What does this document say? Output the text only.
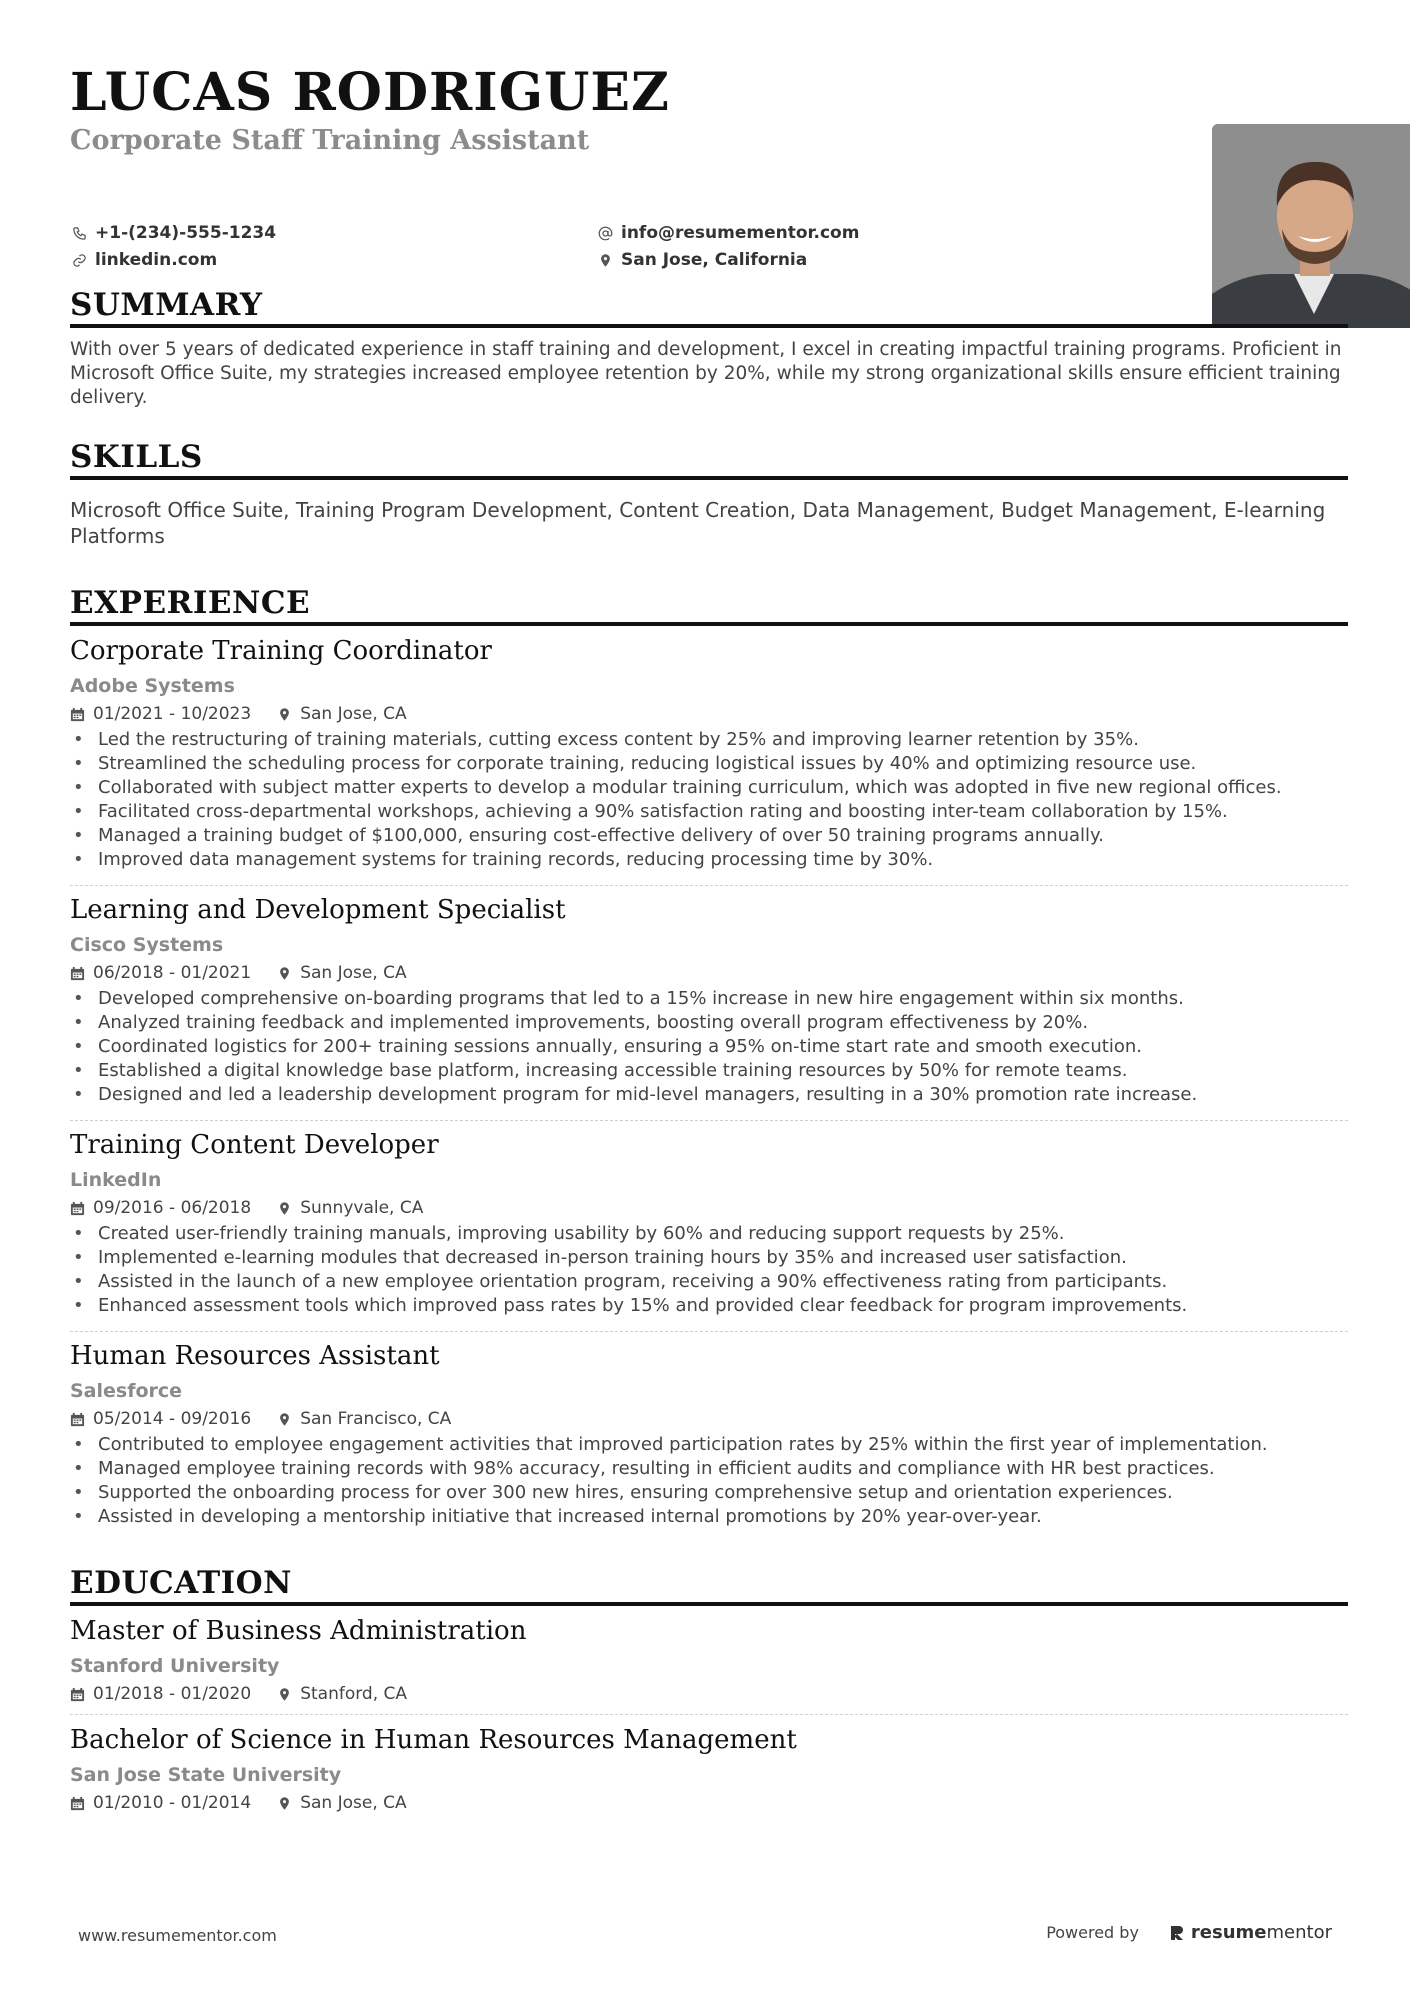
LUCAS RODRIGUEZ
Corporate Staff Training Assistant
+1-(234)-555-1234
linkedin.com
info@resumementor.com
San Jose, California
SUMMARY
With over 5 years of dedicated experience in staff training and development, I excel in creating impactful training programs. Proficient in Microsoft Office Suite, my strategies increased employee retention by 20%, while my strong organizational skills ensure efficient training delivery.
SKILLS
Microsoft Office Suite, Training Program Development, Content Creation, Data Management, Budget Management, E-learning Platforms
EXPERIENCE
Corporate Training Coordinator
Adobe Systems
01/2021 - 10/2023	San Jose, CA
• Led the restructuring of training materials, cutting excess content by 25% and improving learner retention by 35%.
• Streamlined the scheduling process for corporate training, reducing logistical issues by 40% and optimizing resource use.
• Collaborated with subject matter experts to develop a modular training curriculum, which was adopted in five new regional offices.
• Facilitated cross-departmental workshops, achieving a 90% satisfaction rating and boosting inter-team collaboration by 15%.
• Managed a training budget of $100,000, ensuring cost-effective delivery of over 50 training programs annually.
• Improved data management systems for training records, reducing processing time by 30%.
Learning and Development Specialist
Cisco Systems
06/2018 - 01/2021	San Jose, CA
• Developed comprehensive on-boarding programs that led to a 15% increase in new hire engagement within six months.
• Analyzed training feedback and implemented improvements, boosting overall program effectiveness by 20%.
• Coordinated logistics for 200+ training sessions annually, ensuring a 95% on-time start rate and smooth execution.
• Established a digital knowledge base platform, increasing accessible training resources by 50% for remote teams.
• Designed and led a leadership development program for mid-level managers, resulting in a 30% promotion rate increase.
Training Content Developer
LinkedIn
09/2016 - 06/2018	Sunnyvale, CA
• Created user-friendly training manuals, improving usability by 60% and reducing support requests by 25%.
• Implemented e-learning modules that decreased in-person training hours by 35% and increased user satisfaction.
• Assisted in the launch of a new employee orientation program, receiving a 90% effectiveness rating from participants.
• Enhanced assessment tools which improved pass rates by 15% and provided clear feedback for program improvements.
Human Resources Assistant
Salesforce
05/2014 - 09/2016	San Francisco, CA
• Contributed to employee engagement activities that improved participation rates by 25% within the first year of implementation.
• Managed employee training records with 98% accuracy, resulting in efficient audits and compliance with HR best practices.
• Supported the onboarding process for over 300 new hires, ensuring comprehensive setup and orientation experiences.
• Assisted in developing a mentorship initiative that increased internal promotions by 20% year-over-year.
EDUCATION
Master of Business Administration
Stanford University
01/2018 - 01/2020	Stanford, CA
Bachelor of Science in Human Resources Management
San Jose State University
01/2010 - 01/2014	San Jose, CA
www.resumementor.com	Powered by	resumementor
